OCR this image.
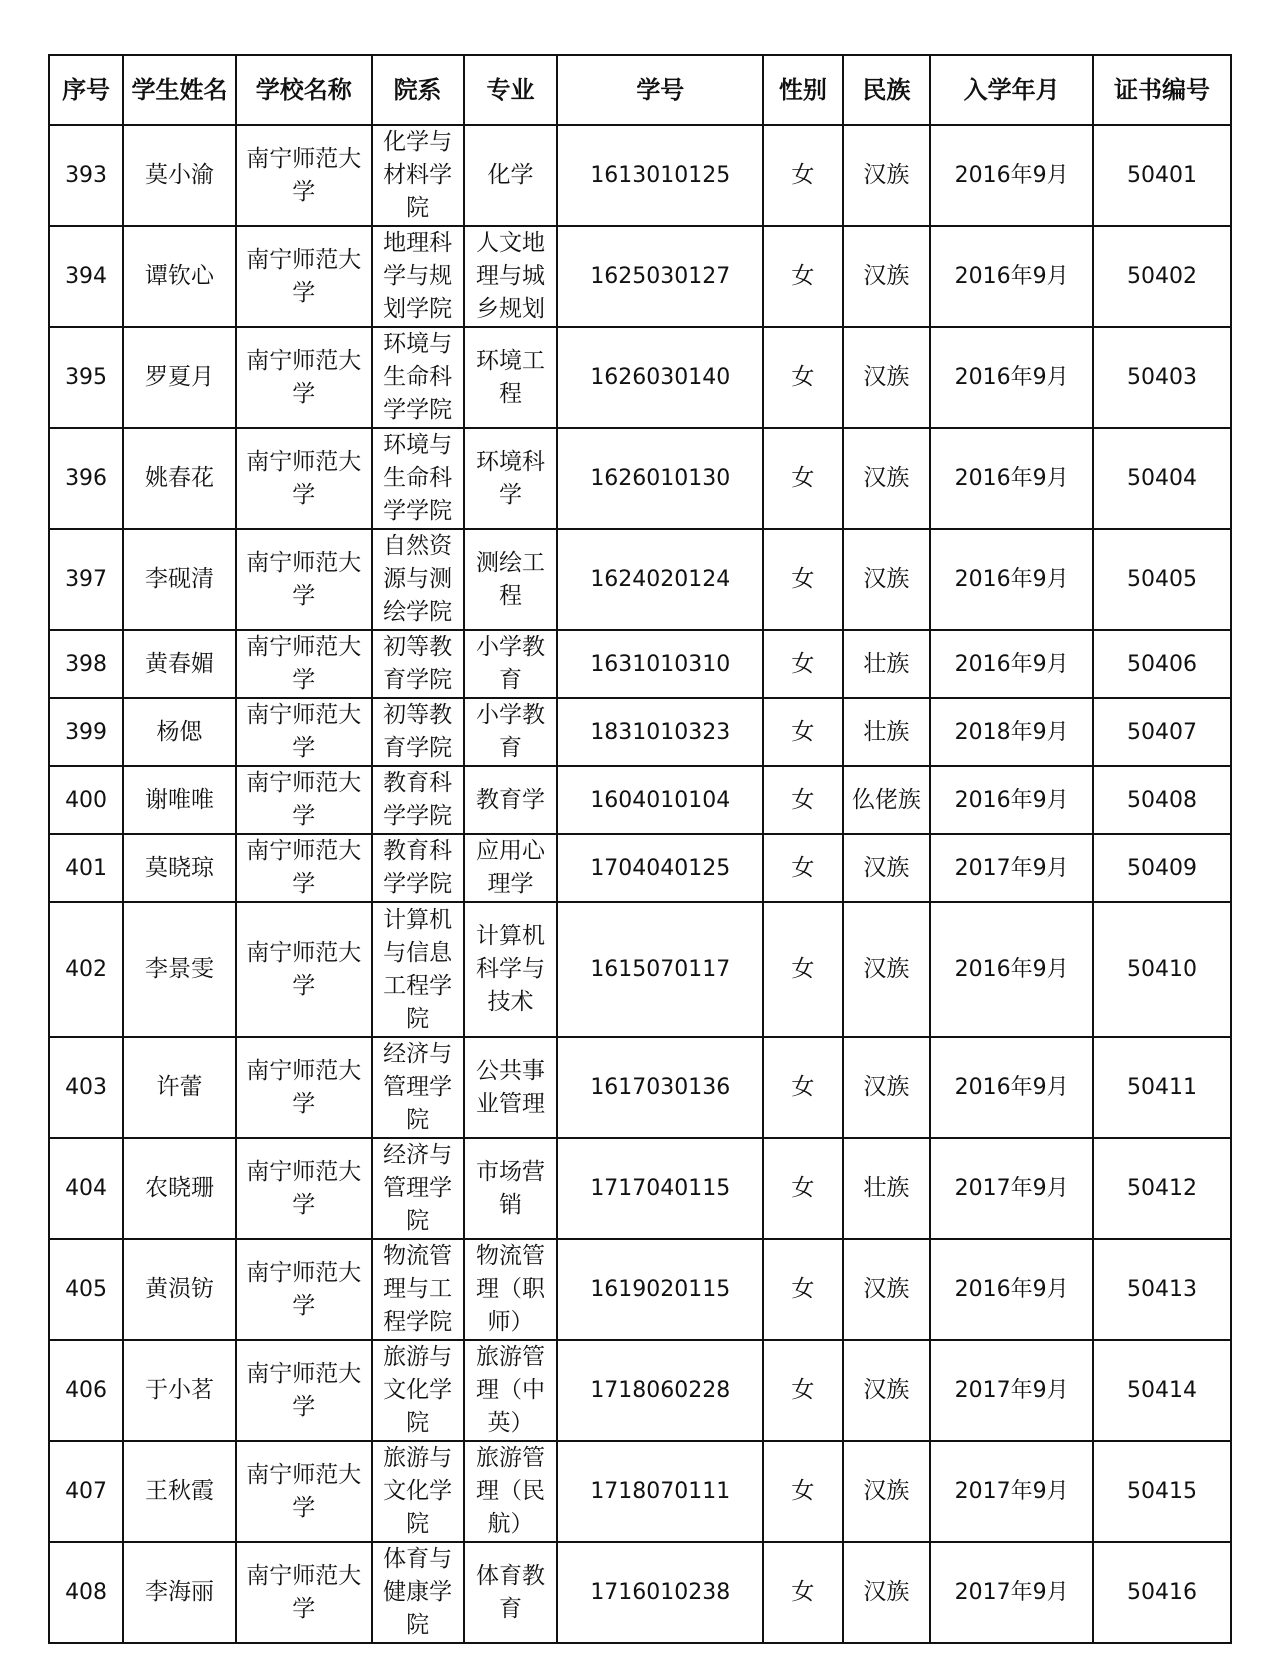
序号	学生姓名	学校名称	院系	专业	学号	性别	民族	入学年月	证书编号

393	莫小渝	南宁师范大学	化学与材料学院	化学	1613010125	女	汉族	2016年9月	50401

394	谭钦心	南宁师范大学	地理科学与规划学院	人文地理与城乡规划	1625030127	女	汉族	2016年9月	50402

395	罗夏月	南宁师范大学	环境与生命科学学院	环境工程	1626030140	女	汉族	2016年9月	50403

396	姚春花	南宁师范大学	环境与生命科学学院	环境科学	1626010130	女	汉族	2016年9月	50404

397	李砚清	南宁师范大学	自然资源与测绘学院	测绘工程	1624020124	女	汉族	2016年9月	50405

398	黄春媚	南宁师范大学	初等教育学院	小学教育	1631010310	女	壮族	2016年9月	50406

399	杨偲	南宁师范大学	初等教育学院	小学教育	1831010323	女	壮族	2018年9月	50407

400	谢唯唯	南宁师范大学	教育科学学院	教育学	1604010104	女	仫佬族	2016年9月	50408

401	莫晓琼	南宁师范大学	教育科学学院	应用心理学	1704040125	女	汉族	2017年9月	50409

402	李景雯	南宁师范大学	计算机与信息工程学院	计算机科学与技术	1615070117	女	汉族	2016年9月	50410

403	许蕾	南宁师范大学	经济与管理学院	公共事业管理	1617030136	女	汉族	2016年9月	50411

404	农晓珊	南宁师范大学	经济与管理学院	市场营销	1717040115	女	壮族	2017年9月	50412

405	黄涢钫	南宁师范大学	物流管理与工程学院	物流管理（职师）	1619020115	女	汉族	2016年9月	50413

406	于小茗	南宁师范大学	旅游与文化学院	旅游管理（中英）	1718060228	女	汉族	2017年9月	50414

407	王秋霞	南宁师范大学	旅游与文化学院	旅游管理（民航）	1718070111	女	汉族	2017年9月	50415

408	李海丽	南宁师范大学	体育与健康学院	体育教育	1716010238	女	汉族	2017年9月	50416
